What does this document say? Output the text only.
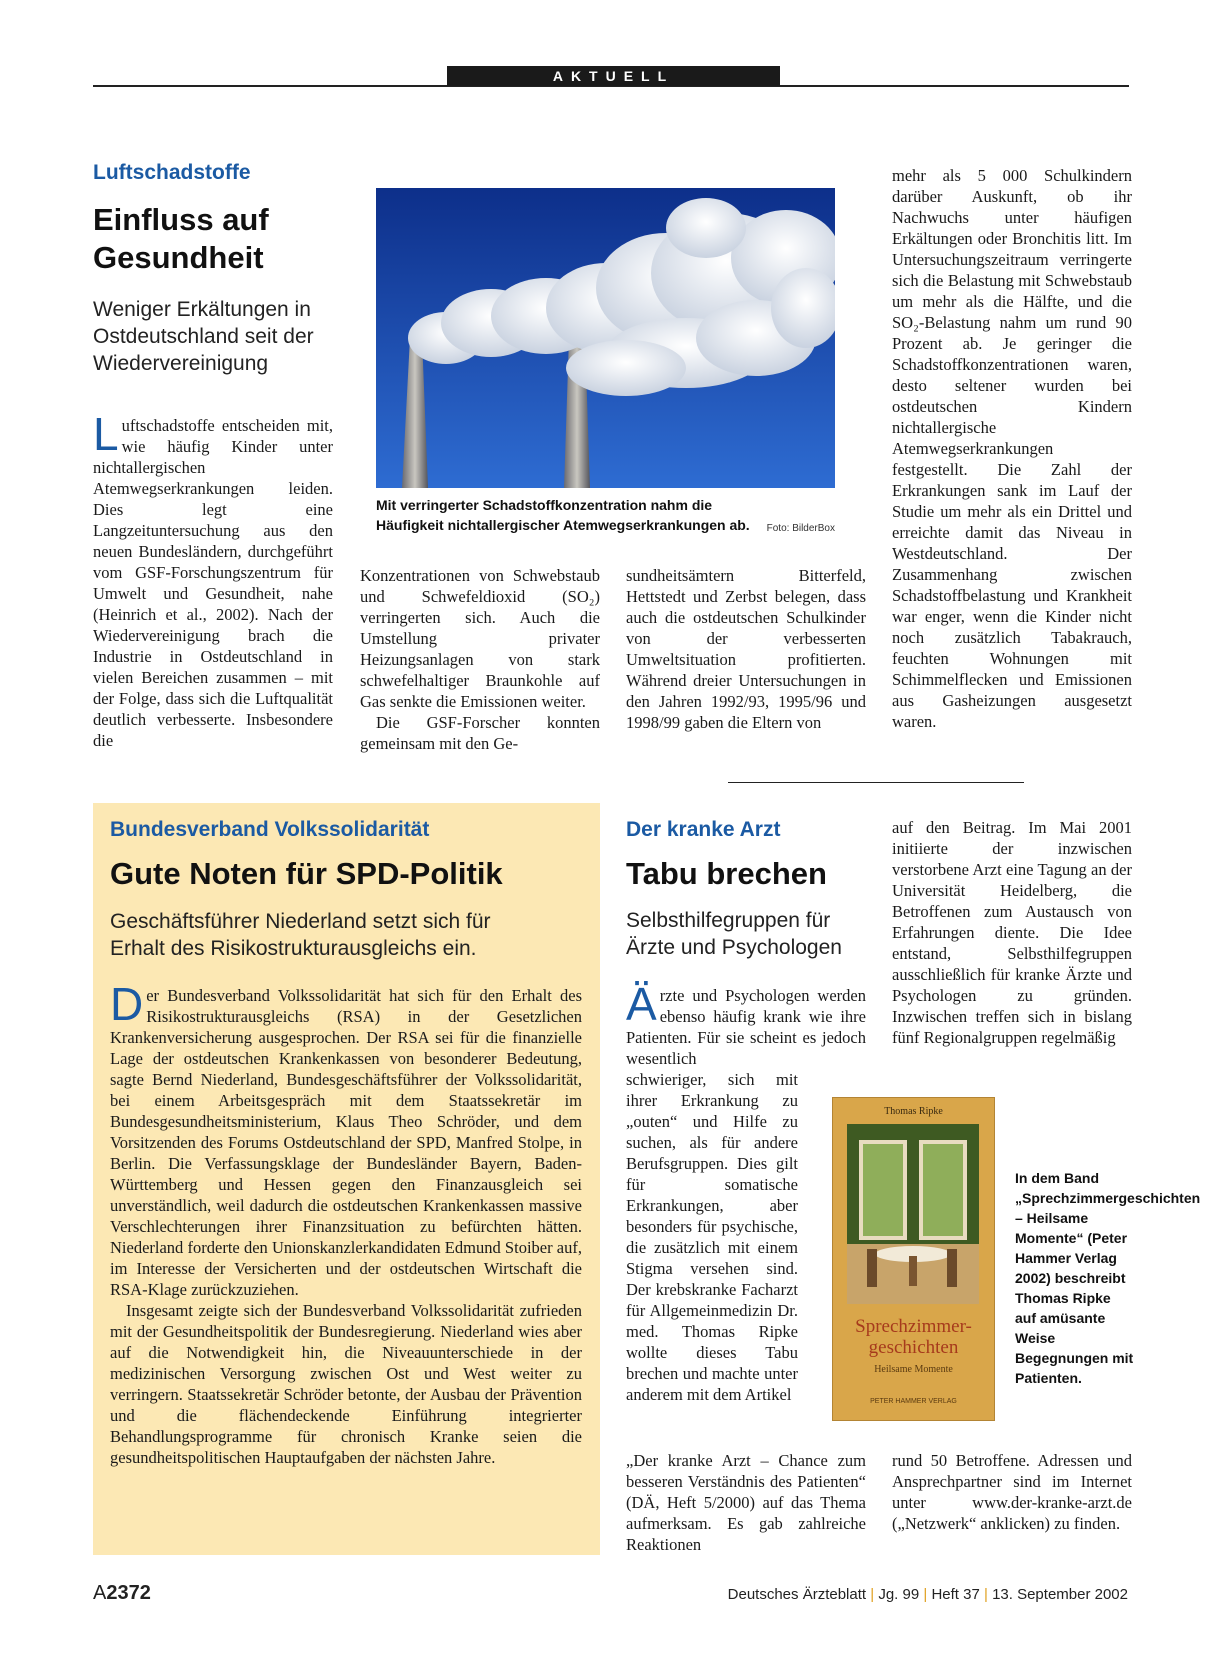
AKTUELL
Luftschadstoffe
Einfluss auf
Gesundheit
Weniger Erkältungen in Ostdeutschland seit der Wiedervereinigung
L uftschadstoffe entscheiden mit, wie häufig Kinder unter nichtallergischen Atemwegserkrankungen leiden. Dies legt eine Langzeituntersuchung aus den neuen Bundesländern, durchgeführt vom GSF-Forschungszentrum für Umwelt und Gesundheit, nahe (Heinrich et al., 2002). Nach der Wiedervereinigung brach die Industrie in Ostdeutschland in vielen Bereichen zusammen – mit der Folge, dass sich die Luftqualität deutlich verbesserte. Insbesondere die
Foto: BilderBox
Mit verringerter Schadstoffkonzentration nahm die Häufigkeit nichtallergischer Atemwegserkrankungen ab.

Konzentrationen von Schwebstaub und Schwefeldioxid (SO₂) verringerten sich. Auch die Umstellung privater Heizungsanlagen von stark schwefelhaltiger Braunkohle auf Gas senkte die Emissionen weiter.

Die GSF-Forscher konnten gemeinsam mit den Ge-

sundheitsämtern Bitterfeld, Hettstedt und Zerbst belegen, dass auch die ostdeutschen Schulkinder von der verbesserten Umweltsituation profitierten. Während dreier Untersuchungen in den Jahren 1992/93, 1995/96 und 1998/99 gaben die Eltern von
mehr als 5 000 Schulkindern darüber Auskunft, ob ihr Nachwuchs unter häufigen Erkältungen oder Bronchitis litt. Im Untersuchungszeitraum verringerte sich die Belastung mit Schwebstaub um mehr als die Hälfte, und die SO₂-Belastung nahm um rund 90 Prozent ab. Je geringer die Schadstoffkonzentrationen waren, desto seltener wurden bei ostdeutschen Kindern nichtallergische Atemwegserkrankungen festgestellt. Die Zahl der Erkrankungen sank im Lauf der Studie um mehr als ein Drittel und erreichte damit das Niveau in Westdeutschland. Der Zusammenhang zwischen Schadstoffbelastung und Krankheit war enger, wenn die Kinder nicht noch zusätzlich Tabakrauch, feuchten Wohnungen mit Schimmelflecken und Emissionen aus Gasheizungen ausgesetzt waren.
Bundesverband Volkssolidarität
Gute Noten für SPD-Politik
Geschäftsführer Niederland setzt sich für Erhalt des Risikostrukturausgleichs ein.

Der Bundesverband Volkssolidarität hat sich für den Erhalt des Risikostrukturausgleichs (RSA) in der Gesetzlichen Krankenversicherung ausgesprochen. Der RSA sei für die finanzielle Lage der ostdeutschen Krankenkassen von besonderer Bedeutung, sagte Bernd Niederland, Bundesgeschäftsführer der Volkssolidarität, bei einem Arbeitsgespräch mit dem Staatssekretär im Bundesgesundheitsministerium, Klaus Theo Schröder, und dem Vorsitzenden des Forums Ostdeutschland der SPD, Manfred Stolpe, in Berlin. Die Verfassungsklage der Bundesländer Bayern, Baden-Württemberg und Hessen gegen den Finanzausgleich sei unverständlich, weil dadurch die ostdeutschen Krankenkassen massive Verschlechterungen ihrer Finanzsituation zu befürchten hätten. Niederland forderte den Unionskanzlerkandidaten Edmund Stoiber auf, im Interesse der Versicherten und der ostdeutschen Wirtschaft die RSA-Klage zurückzuziehen.

Insgesamt zeigte sich der Bundesverband Volkssolidarität zufrieden mit der Gesundheitspolitik der Bundesregierung. Niederland wies aber auf die Notwendigkeit hin, die Niveauunterschiede in der medizinischen Versorgung zwischen Ost und West weiter zu verringern. Staatssekretär Schröder betonte, der Ausbau der Prävention und die flächendeckende Einführung integrierter Behandlungsprogramme für chronisch Kranke seien die gesundheitspolitischen Hauptaufgaben der nächsten Jahre.

Der kranke Arzt
Tabu brechen
Selbsthilfegruppen für Ärzte und Psychologen
Ä rzte und Psychologen werden ebenso häufig krank wie ihre Patienten. Für sie scheint es jedoch wesentlich
schwieriger, sich mit ihrer Erkrankung zu „outen“ und Hilfe zu suchen, als für andere Berufsgruppen. Dies gilt für somatische Erkrankungen, aber besonders für psychische, die zusätzlich mit einem Stigma versehen sind. Der krebskranke Facharzt für Allgemeinmedizin Dr. med. Thomas Ripke wollte dieses Tabu brechen und machte unter anderem mit dem Artikel
„Der kranke Arzt – Chance zum besseren Verständnis des Patienten“ (DÄ, Heft 5/2000) auf das Thema aufmerksam. Es gab zahlreiche Reaktionen
auf den Beitrag. Im Mai 2001 initiierte der inzwischen verstorbene Arzt eine Tagung an der Universität Heidelberg, die Betroffenen zum Austausch von Erfahrungen diente. Die Idee entstand, Selbsthilfegruppen ausschließlich für kranke Ärzte und Psychologen zu gründen. Inzwischen treffen sich in bislang fünf Regionalgruppen regelmäßig
Thomas Ripke
Sprechzimmer-
geschichten
Heilsame Momente
PETER HAMMER VERLAG
In dem Band „Sprechzimmergeschichten – Heilsame Momente“ (Peter Hammer Verlag 2002) beschreibt Thomas Ripke auf amüsante Weise Begegnungen mit Patienten.
rund 50 Betroffene. Adressen und Ansprechpartner sind im Internet unter www.der-kranke-arzt.de („Netzwerk“ anklicken) zu finden.
A2372	Deutsches Ärzteblatt | Jg. 99 | Heft 37 | 13. September 2002
